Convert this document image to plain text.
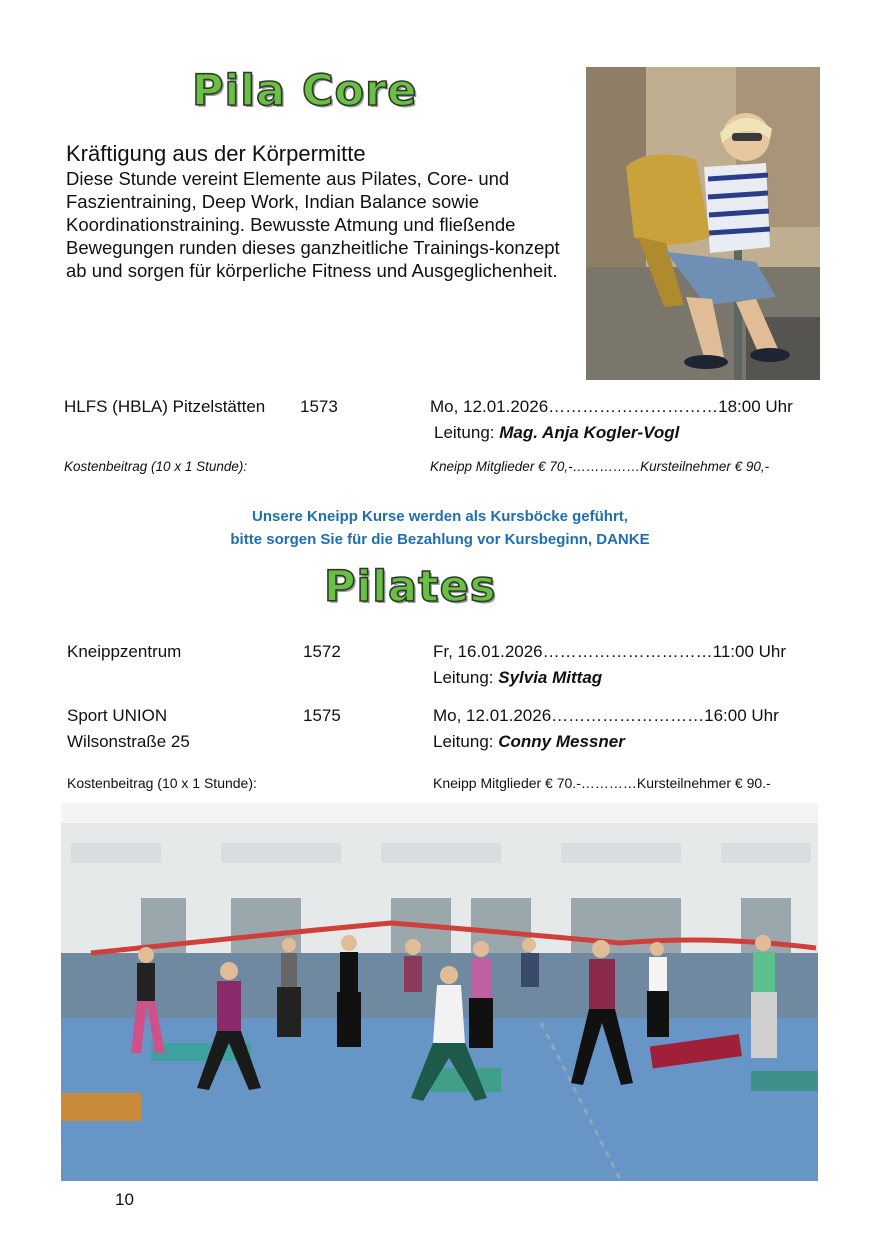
Pila Core
Kräftigung aus der Körpermitte
Diese Stunde vereint Elemente aus Pilates, Core- und Faszientraining, Deep Work, Indian Balance sowie Koordinationstraining. Bewusste Atmung und fließende Bewegungen runden dieses ganzheitliche Trainings-konzept ab und sorgen für körperliche Fitness und Ausgeglichenheit.
HLFS (HBLA) Pitzelstätten 1573	Mo, 12.01.2026…………………………18:00 Uhr
Leitung: Mag. Anja Kogler-Vogl
Kostenbeitrag (10 x 1 Stunde):	Kneipp Mitglieder € 70,-……………Kursteilnehmer € 90,-
Unsere Kneipp Kurse werden als Kursböcke geführt,
bitte sorgen Sie für die Bezahlung vor Kursbeginn, DANKE
Pilates
Kneippzentrum	1572	Fr, 16.01.2026…………………………11:00 Uhr
Leitung: Sylvia Mittag
Sport UNION
Wilsonstraße 25
1575	Mo, 12.01.2026………………………16:00 Uhr
Leitung: Conny Messner
Kostenbeitrag (10 x 1 Stunde):	Kneipp Mitglieder € 70.-…………Kursteilnehmer € 90.-
10
